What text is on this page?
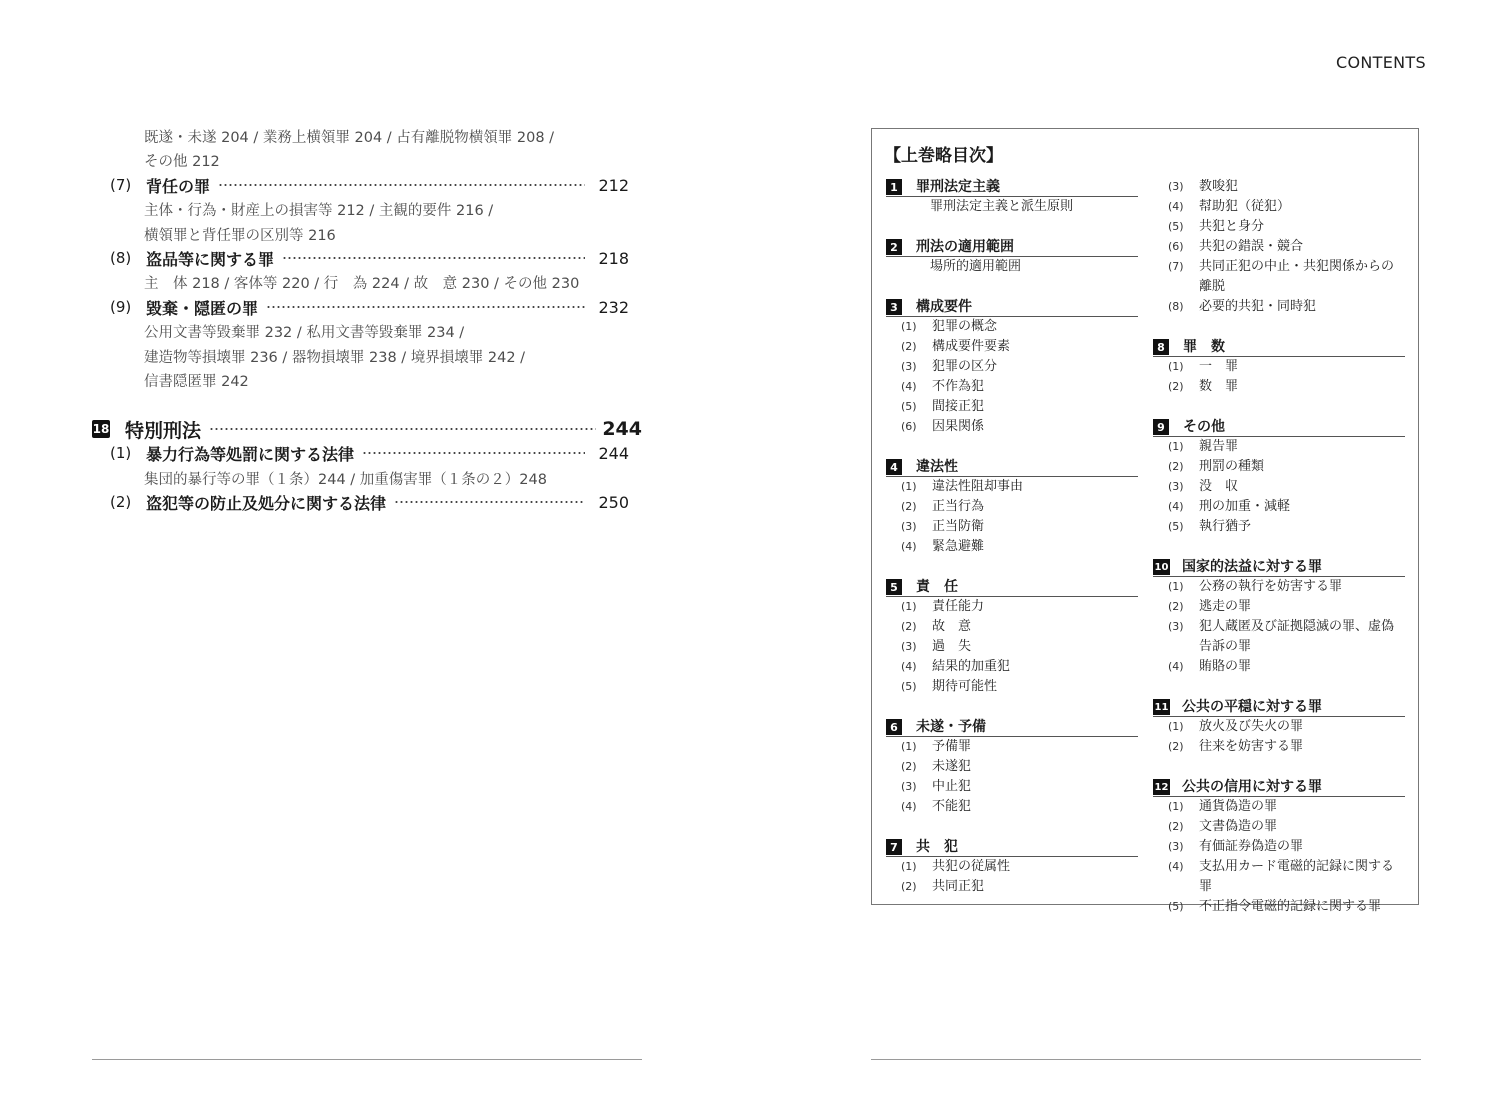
CONTENTS
既遂・未遂 204 / 業務上横領罪 204 / 占有離脱物横領罪 208 /
その他 212
(7) 背任の罪	212
主体・行為・財産上の損害等 212 / 主観的要件 216 /
横領罪と背任罪の区別等 216
(8) 盗品等に関する罪	218
主　体 218 / 客体等 220 / 行　為 224 / 故　意 230 / その他 230
(9) 毀棄・隠匿の罪	232
公用文書等毀棄罪 232 / 私用文書等毀棄罪 234 /
建造物等損壊罪 236 / 器物損壊罪 238 / 境界損壊罪 242 /
信書隠匿罪 242
18 特別刑法	244
(1) 暴力行為等処罰に関する法律	244
集団的暴行等の罪（１条）244 / 加重傷害罪（１条の２）248
(2) 盗犯等の防止及処分に関する法律	250
【上巻略目次】
1 罪刑法定主義
罪刑法定主義と派生原則
2 刑法の適用範囲
場所的適用範囲
3 構成要件
(1)	犯罪の概念
(2)	構成要件要素
(3)	犯罪の区分
(4)	不作為犯
(5)	間接正犯
(6)	因果関係
4 違法性
(1)	違法性阻却事由
(2)	正当行為
(3)	正当防衛
(4)	緊急避難
5 責　任
(1)	責任能力
(2)	故　意
(3)	過　失
(4)	結果的加重犯
(5)	期待可能性
6 未遂・予備
(1)	予備罪
(2)	未遂犯
(3)	中止犯
(4)	不能犯
7 共　犯
(1)	共犯の従属性
(2)	共同正犯
(3)	教唆犯
(4)	幇助犯（従犯）
(5)	共犯と身分
(6)	共犯の錯誤・競合
(7)	共同正犯の中止・共犯関係からの
離脱
(8)	必要的共犯・同時犯
8 罪　数
(1)	一　罪
(2)	数　罪
9 その他
(1)	親告罪
(2)	刑罰の種類
(3)	没　収
(4)	刑の加重・減軽
(5)	執行猶予
10 国家的法益に対する罪
(1)	公務の執行を妨害する罪
(2)	逃走の罪
(3)	犯人蔵匿及び証拠隠滅の罪、虚偽
告訴の罪
(4)	賄賂の罪
11 公共の平穏に対する罪
(1)	放火及び失火の罪
(2)	往来を妨害する罪
12 公共の信用に対する罪
(1)	通貨偽造の罪
(2)	文書偽造の罪
(3)	有価証券偽造の罪
(4)	支払用カード電磁的記録に関する罪
(5)	不正指令電磁的記録に関する罪
